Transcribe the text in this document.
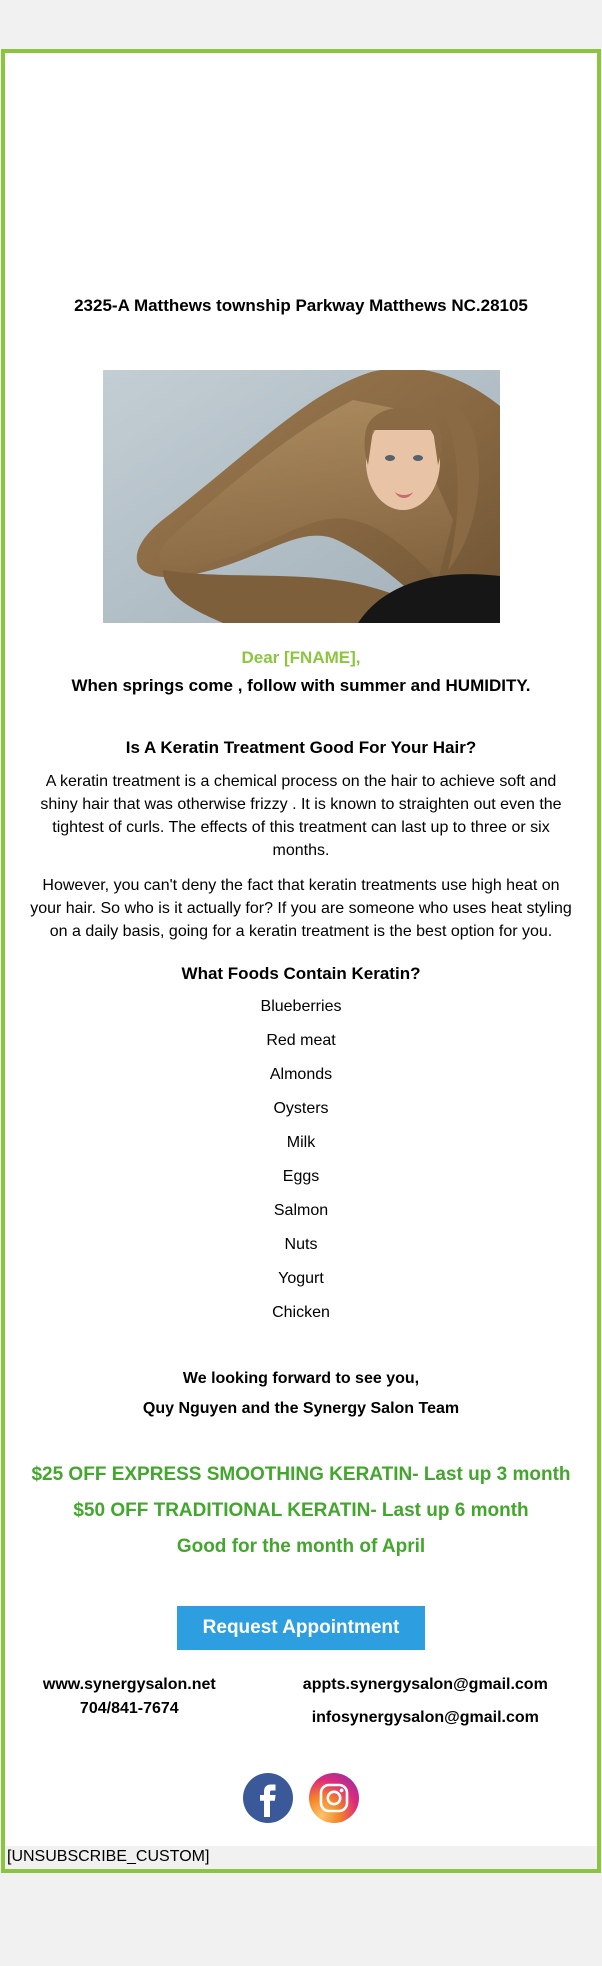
2325-A Matthews township Parkway Matthews NC.28105
Dear [FNAME],
When springs come , follow with summer and HUMIDITY.
Is A Keratin Treatment Good For Your Hair?

A keratin treatment is a chemical process on the hair to achieve soft and shiny hair that was otherwise frizzy . It is known to straighten out even the tightest of curls. The effects of this treatment can last up to three or six months.

However, you can't deny the fact that keratin treatments use high heat on your hair. So who is it actually for? If you are someone who uses heat styling on a daily basis, going for a keratin treatment is the best option for you.

What Foods Contain Keratin?
Blueberries
Red meat
Almonds
Oysters
Milk
Eggs
Salmon
Nuts
Yogurt
Chicken
We looking forward to see you,
Quy Nguyen and the Synergy Salon Team
$25 OFF EXPRESS SMOOTHING KERATIN- Last up 3 month
$50 OFF TRADITIONAL KERATIN- Last up 6 month
Good for the month of April
Request Appointment
www.synergysalon.net
704/841-7674
appts.synergysalon@gmail.com
infosynergysalon@gmail.com
[UNSUBSCRIBE_CUSTOM]
